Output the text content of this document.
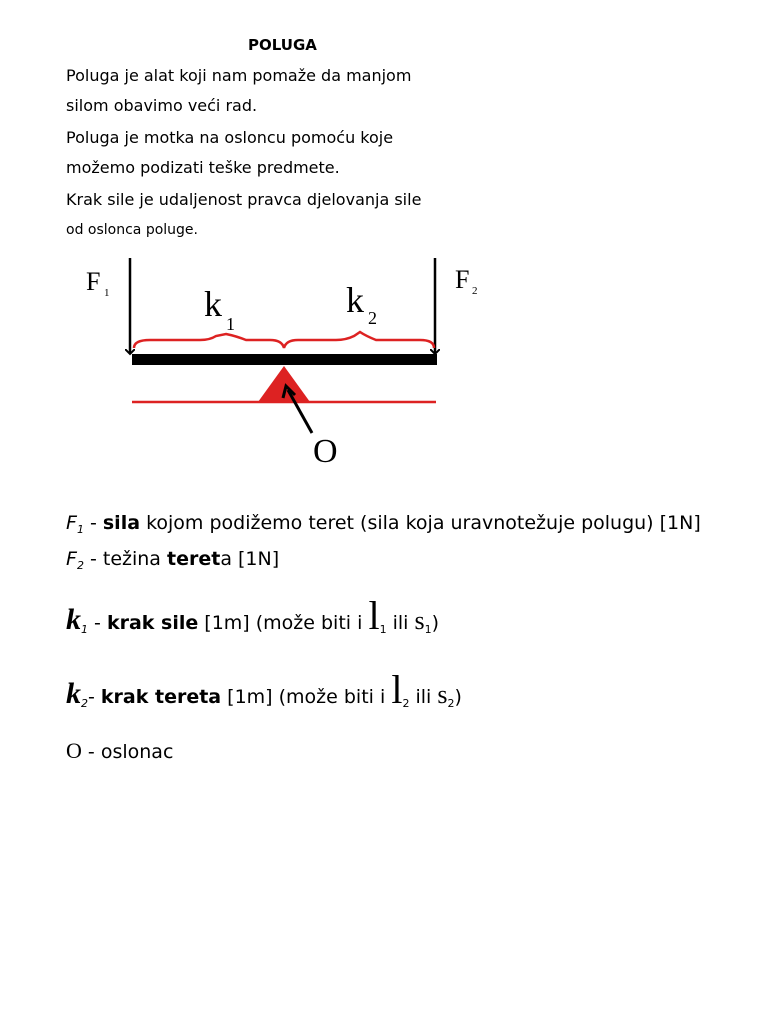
POLUGA
Poluga je alat koji nam pomaže da manjom
silom obavimo veći rad.
Poluga je motka na osloncu pomoću koje
možemo podizati teške predmete.
Krak sile je udaljenost pravca djelovanja sile
od oslonca poluge.
F 1	k 1
k 2
F 2
O
$F_1$ - sila kojom podižemo teret (sila koja uravnotežuje polugu) [1N]
$F_2$ - težina tereta [1N]
$k_1$ - krak sile [1m] (može biti i $l_1$ ili $s_1$)
$k_2-$ krak tereta [1m] (može biti i $l_2$ ili $s_2$)
O - oslonac
